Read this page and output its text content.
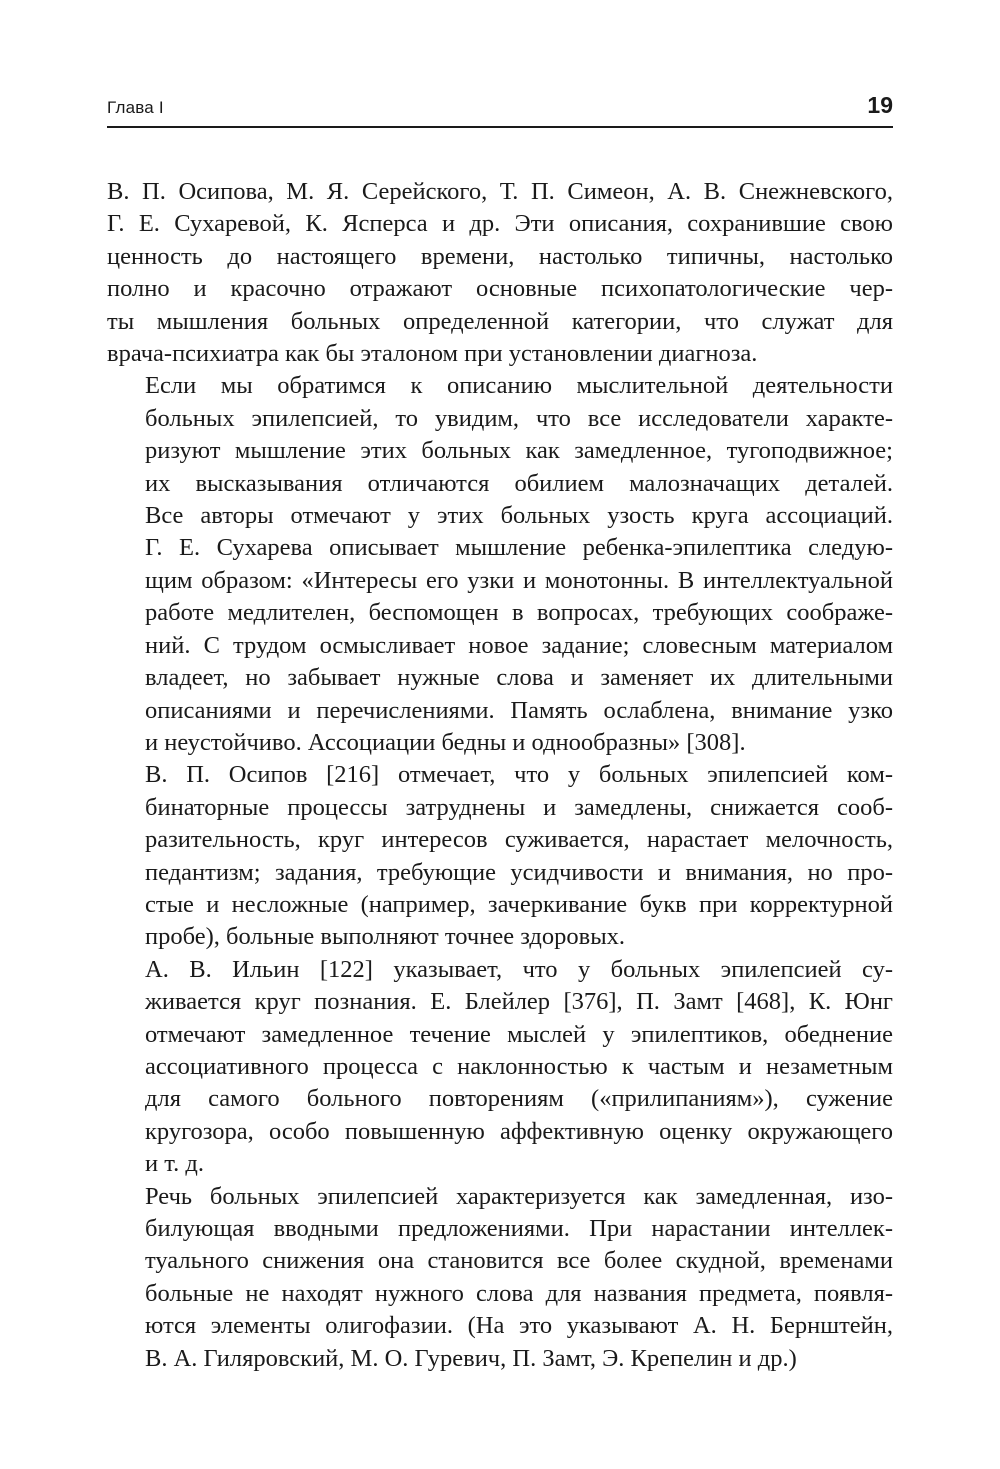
Глава I	19

В. П. Осипова, М. Я. Серейского, Т. П. Симеон, А. В. Снежневского,
Г. Е. Сухаревой, К. Ясперса и др. Эти описания, сохранившие свою
ценность до настоящего времени, настолько типичны, настолько
полно и красочно отражают основные психопатологические чер-
ты мышления больных определенной категории, что служат для
врача-психиатра как бы эталоном при установлении диагноза.

Если мы обратимся к описанию мыслительной деятельности
больных эпилепсией, то увидим, что все исследователи характе-
ризуют мышление этих больных как замедленное, тугоподвижное;
их высказывания отличаются обилием малозначащих деталей.
Все авторы отмечают у этих больных узость круга ассоциаций.
Г. Е. Сухарева описывает мышление ребенка-эпилептика следую-
щим образом: «Интересы его узки и монотонны. В интеллектуальной
работе медлителен, беспомощен в вопросах, требующих соображе-
ний. С трудом осмысливает новое задание; словесным материалом
владеет, но забывает нужные слова и заменяет их длительными
описаниями и перечислениями. Память ослаблена, внимание узко
и неустойчиво. Ассоциации бедны и однообразны» [308].

В. П. Осипов [216] отмечает, что у больных эпилепсией ком-
бинаторные процессы затруднены и замедлены, снижается сооб-
разительность, круг интересов суживается, нарастает мелочность,
педантизм; задания, требующие усидчивости и внимания, но про-
стые и несложные (например, зачеркивание букв при корректурной
пробе), больные выполняют точнее здоровых.

А. В. Ильин [122] указывает, что у больных эпилепсией су-
живается круг познания. Е. Блейлер [376], П. Замт [468], К. Юнг
отмечают замедленное течение мыслей у эпилептиков, обеднение
ассоциативного процесса с наклонностью к частым и незаметным
для самого больного повторениям («прилипаниям»), сужение
кругозора, особо повышенную аффективную оценку окружающего
и т. д.

Речь больных эпилепсией характеризуется как замедленная, изо-
билующая вводными предложениями. При нарастании интеллек-
туального снижения она становится все более скудной, временами
больные не находят нужного слова для названия предмета, появля-
ются элементы олигофазии. (На это указывают А. Н. Бернштейн,
В. А. Гиляровский, М. О. Гуревич, П. Замт, Э. Крепелин и др.)
